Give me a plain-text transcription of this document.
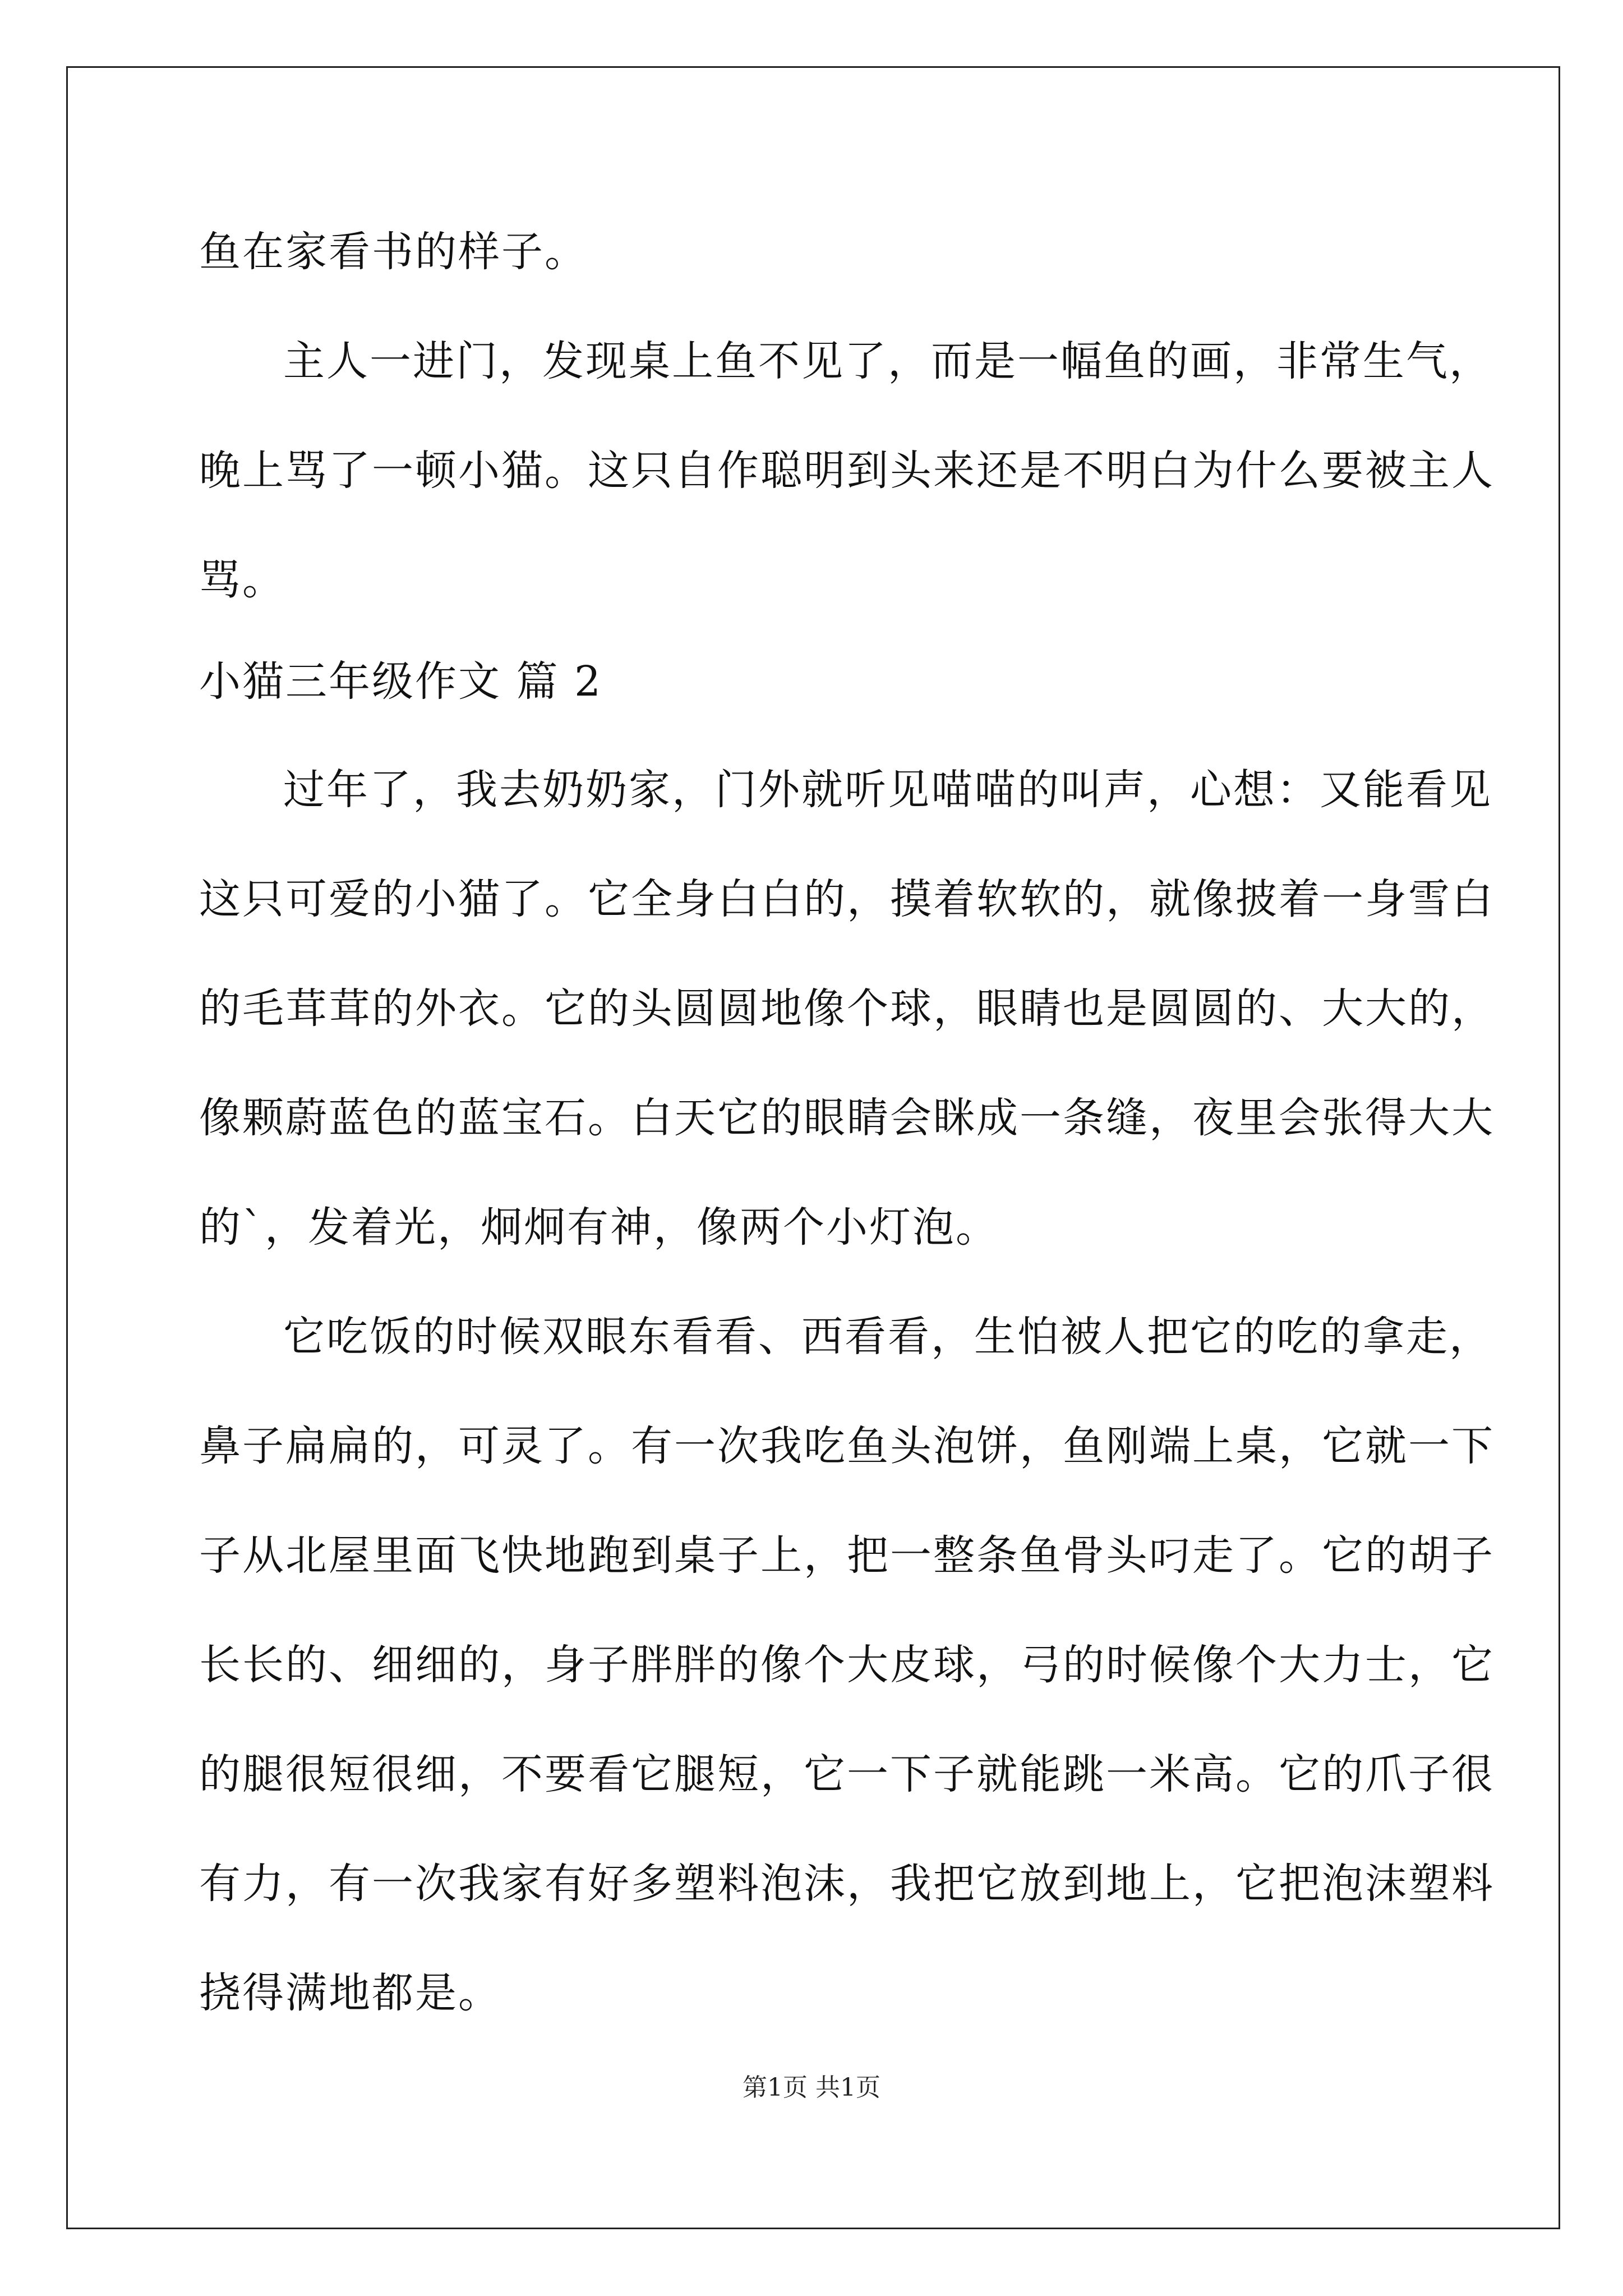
鱼在家看书的样子。
主人一进门，发现桌上鱼不见了，而是一幅鱼的画，非常生气，
晚上骂了一顿小猫。这只自作聪明到头来还是不明白为什么要被主人
骂。
小猫三年级作文 篇 2
过年了，我去奶奶家，门外就听见喵喵的叫声，心想：又能看见
这只可爱的小猫了。它全身白白的，摸着软软的，就像披着一身雪白
的毛茸茸的外衣。它的头圆圆地像个球，眼睛也是圆圆的、大大的，
像颗蔚蓝色的蓝宝石。白天它的眼睛会眯成一条缝，夜里会张得大大
的`，发着光，炯炯有神，像两个小灯泡。
它吃饭的时候双眼东看看、西看看，生怕被人把它的吃的拿走，
鼻子扁扁的，可灵了。有一次我吃鱼头泡饼，鱼刚端上桌，它就一下
子从北屋里面飞快地跑到桌子上，把一整条鱼骨头叼走了。它的胡子
长长的、细细的，身子胖胖的像个大皮球，弓的时候像个大力士，它
的腿很短很细，不要看它腿短，它一下子就能跳一米高。它的爪子很
有力，有一次我家有好多塑料泡沫，我把它放到地上，它把泡沫塑料
挠得满地都是。
第1页 共1页
